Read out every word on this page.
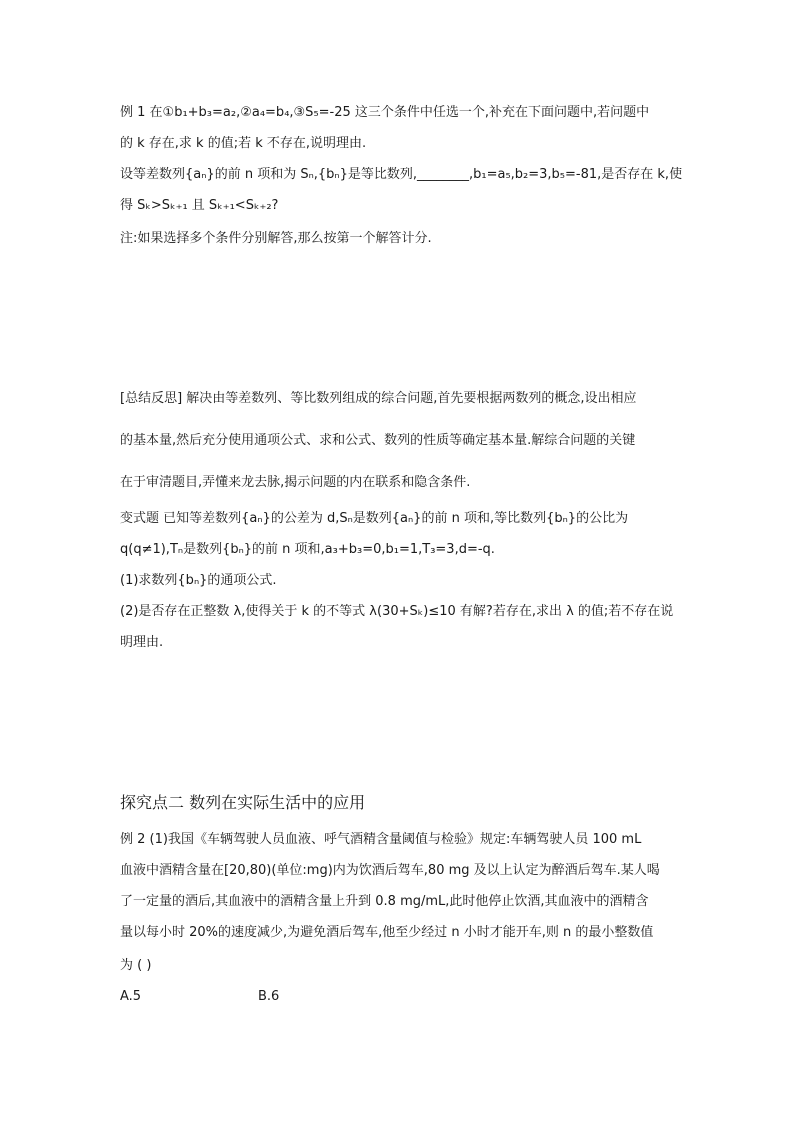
例 1 在①b₁+b₃=a₂,②a₄=b₄,③S₅=-25 这三个条件中任选一个,补充在下面问题中,若问题中
的 k 存在,求 k 的值;若 k 不存在,说明理由.
设等差数列{aₙ}的前 n 项和为 Sₙ,{bₙ}是等比数列,________,b₁=a₅,b₂=3,b₅=-81,是否存在 k,使
得 Sₖ>Sₖ₊₁ 且 Sₖ₊₁<Sₖ₊₂?
注:如果选择多个条件分别解答,那么按第一个解答计分.
[总结反思] 解决由等差数列、等比数列组成的综合问题,首先要根据两数列的概念,设出相应
的基本量,然后充分使用通项公式、求和公式、数列的性质等确定基本量.解综合问题的关键
在于审清题目,弄懂来龙去脉,揭示问题的内在联系和隐含条件.
变式题 已知等差数列{aₙ}的公差为 d,Sₙ是数列{aₙ}的前 n 项和,等比数列{bₙ}的公比为
q(q≠1),Tₙ是数列{bₙ}的前 n 项和,a₃+b₃=0,b₁=1,T₃=3,d=-q.
(1)求数列{bₙ}的通项公式.
(2)是否存在正整数 λ,使得关于 k 的不等式 λ(30+Sₖ)≤10 有解?若存在,求出 λ 的值;若不存在说
明理由.
探究点二 数列在实际生活中的应用
例 2 (1)我国《车辆驾驶人员血液、呼气酒精含量阈值与检验》规定:车辆驾驶人员 100 mL
血液中酒精含量在[20,80)(单位:mg)内为饮酒后驾车,80 mg 及以上认定为醉酒后驾车.某人喝
了一定量的酒后,其血液中的酒精含量上升到 0.8 mg/mL,此时他停止饮酒,其血液中的酒精含
量以每小时 20%的速度减少,为避免酒后驾车,他至少经过 n 小时才能开车,则 n 的最小整数值
为 ( )
A.5	B.6
